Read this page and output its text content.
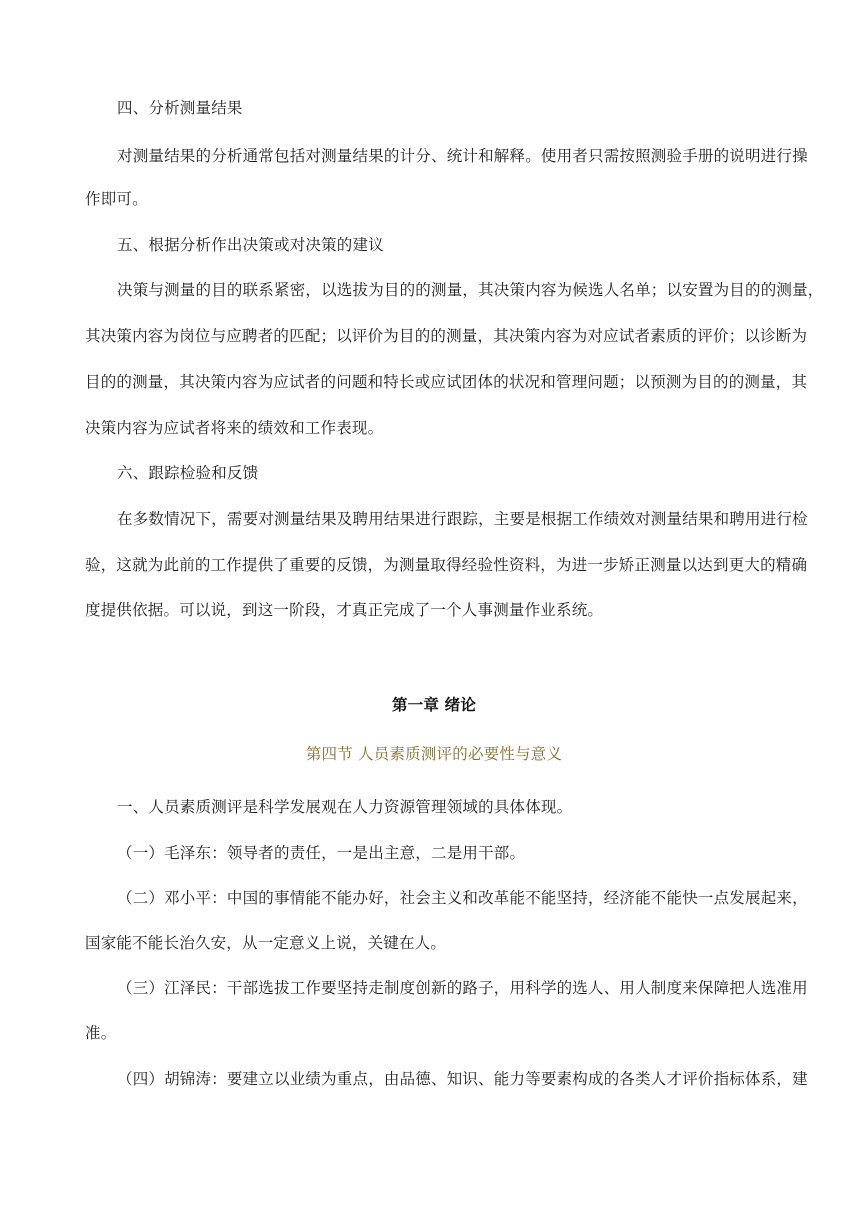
四、分析测量结果
对测量结果的分析通常包括对测量结果的计分、统计和解释。使用者只需按照测验手册的说明进行操
作即可。
五、根据分析作出决策或对决策的建议
决策与测量的目的联系紧密，以选拔为目的的测量，其决策内容为候选人名单；以安置为目的的测量，
其决策内容为岗位与应聘者的匹配；以评价为目的的测量，其决策内容为对应试者素质的评价；以诊断为
目的的测量，其决策内容为应试者的问题和特长或应试团体的状况和管理问题；以预测为目的的测量，其
决策内容为应试者将来的绩效和工作表现。
六、跟踪检验和反馈
在多数情况下，需要对测量结果及聘用结果进行跟踪，主要是根据工作绩效对测量结果和聘用进行检
验，这就为此前的工作提供了重要的反馈，为测量取得经验性资料，为进一步矫正测量以达到更大的精确
度提供依据。可以说，到这一阶段，才真正完成了一个人事测量作业系统。
第一章 绪论
第四节 人员素质测评的必要性与意义
一、人员素质测评是科学发展观在人力资源管理领域的具体体现。
（一）毛泽东：领导者的责任，一是出主意，二是用干部。
（二）邓小平：中国的事情能不能办好，社会主义和改革能不能坚持，经济能不能快一点发展起来，
国家能不能长治久安，从一定意义上说，关键在人。
（三）江泽民：干部选拔工作要坚持走制度创新的路子，用科学的选人、用人制度来保障把人选准用
准。
（四）胡锦涛：要建立以业绩为重点，由品德、知识、能力等要素构成的各类人才评价指标体系，建
